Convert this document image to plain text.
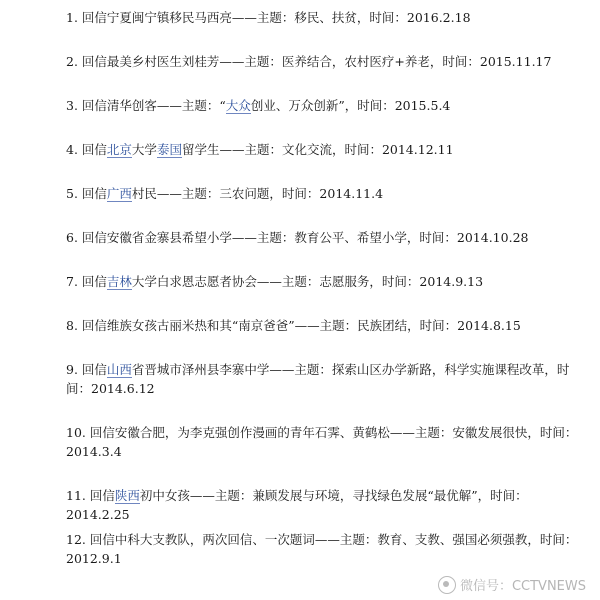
1. 回信宁夏闽宁镇移民马西亮——主题：移民、扶贫，时间：2016.2.18

2. 回信最美乡村医生刘桂芳——主题：医养结合，农村医疗+养老，时间：2015.11.17

3. 回信清华创客——主题：“大众创业、万众创新”，时间：2015.5.4

4. 回信北京大学泰国留学生——主题：文化交流，时间：2014.12.11

5. 回信广西村民——主题：三农问题，时间：2014.11.4

6. 回信安徽省金寨县希望小学——主题：教育公平、希望小学，时间：2014.10.28

7. 回信吉林大学白求恩志愿者协会——主题：志愿服务，时间：2014.9.13

8. 回信维族女孩古丽米热和其“南京爸爸”——主题：民族团结，时间：2014.8.15

9. 回信山西省晋城市泽州县李寨中学——主题：探索山区办学新路，科学实施课程改革，时间：2014.6.12

10. 回信安徽合肥，为李克强创作漫画的青年石霁、黄鹤松——主题：安徽发展很快，时间：2014.3.4

11. 回信陕西初中女孩——主题：兼顾发展与环境，寻找绿色发展“最优解”，时间：2014.2.25

12. 回信中科大支教队，两次回信、一次题词——主题：教育、支教、强国必须强教，时间：2012.9.1

微信号：CCTVNEWS
